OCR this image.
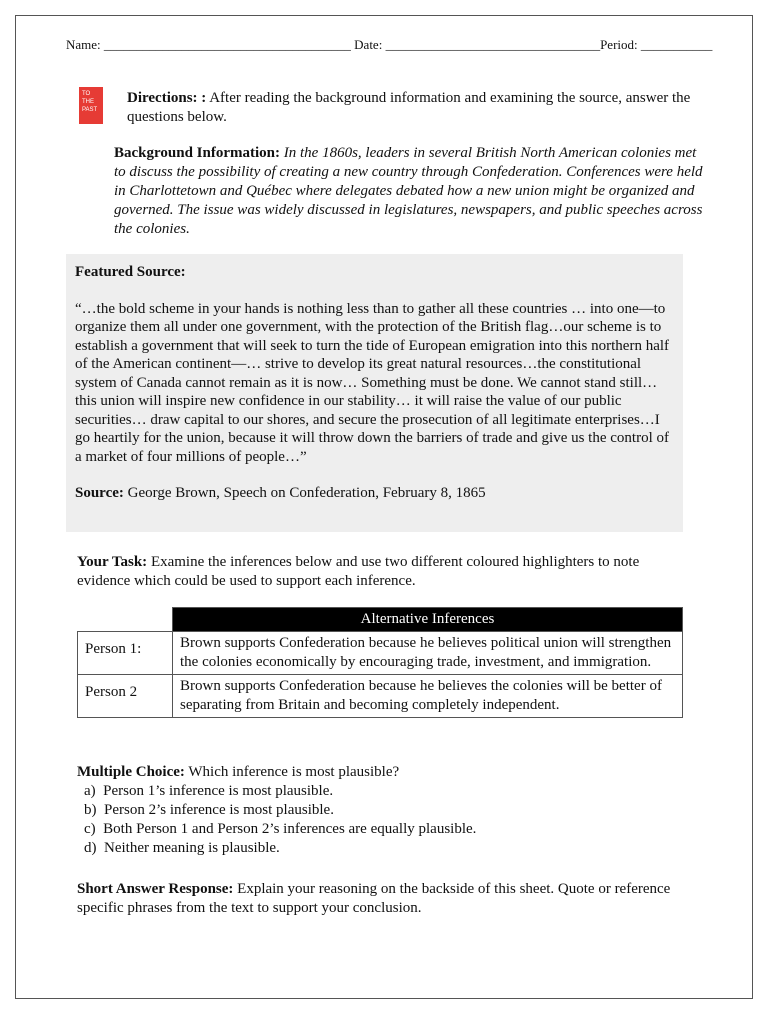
Name: ______________________________________ Date: _________________________________Period: ___________
TO
THE
PAST
Directions: : After reading the background information and examining the source, answer the questions below.
Background Information: In the 1860s, leaders in several British North American colonies met to discuss the possibility of creating a new country through Confederation. Conferences were held in Charlottetown and Québec where delegates debated how a new union might be organized and governed. The issue was widely discussed in legislatures, newspapers, and public speeches across the colonies.

Featured Source:

“…the bold scheme in your hands is nothing less than to gather all these countries … into one—to organize them all under one government, with the protection of the British flag…our scheme is to establish a government that will seek to turn the tide of European emigration into this northern half of the American continent—… strive to develop its great natural resources…the constitutional system of Canada cannot remain as it is now… Something must be done. We cannot stand still…this union will inspire new confidence in our stability… it will raise the value of our public securities… draw capital to our shores, and secure the prosecution of all legitimate enterprises…I go heartily for the union, because it will throw down the barriers of trade and give us the control of a market of four millions of people…”

Source: George Brown, Speech on Confederation, February 8, 1865

Your Task: Examine the inferences below and use two different coloured highlighters to note evidence which could be used to support each inference.
	Alternative Inferences
Person 1:	Brown supports Confederation because he believes political union will strengthen the colonies economically by encouraging trade, investment, and immigration.
Person 2	Brown supports Confederation because he believes the colonies will be better of separating from Britain and becoming completely independent.
Multiple Choice: Which inference is most plausible?
a)  Person 1’s inference is most plausible.
b)  Person 2’s inference is most plausible.
c)  Both Person 1 and Person 2’s inferences are equally plausible.
d)  Neither meaning is plausible.
Short Answer Response: Explain your reasoning on the backside of this sheet. Quote or reference specific phrases from the text to support your conclusion.
